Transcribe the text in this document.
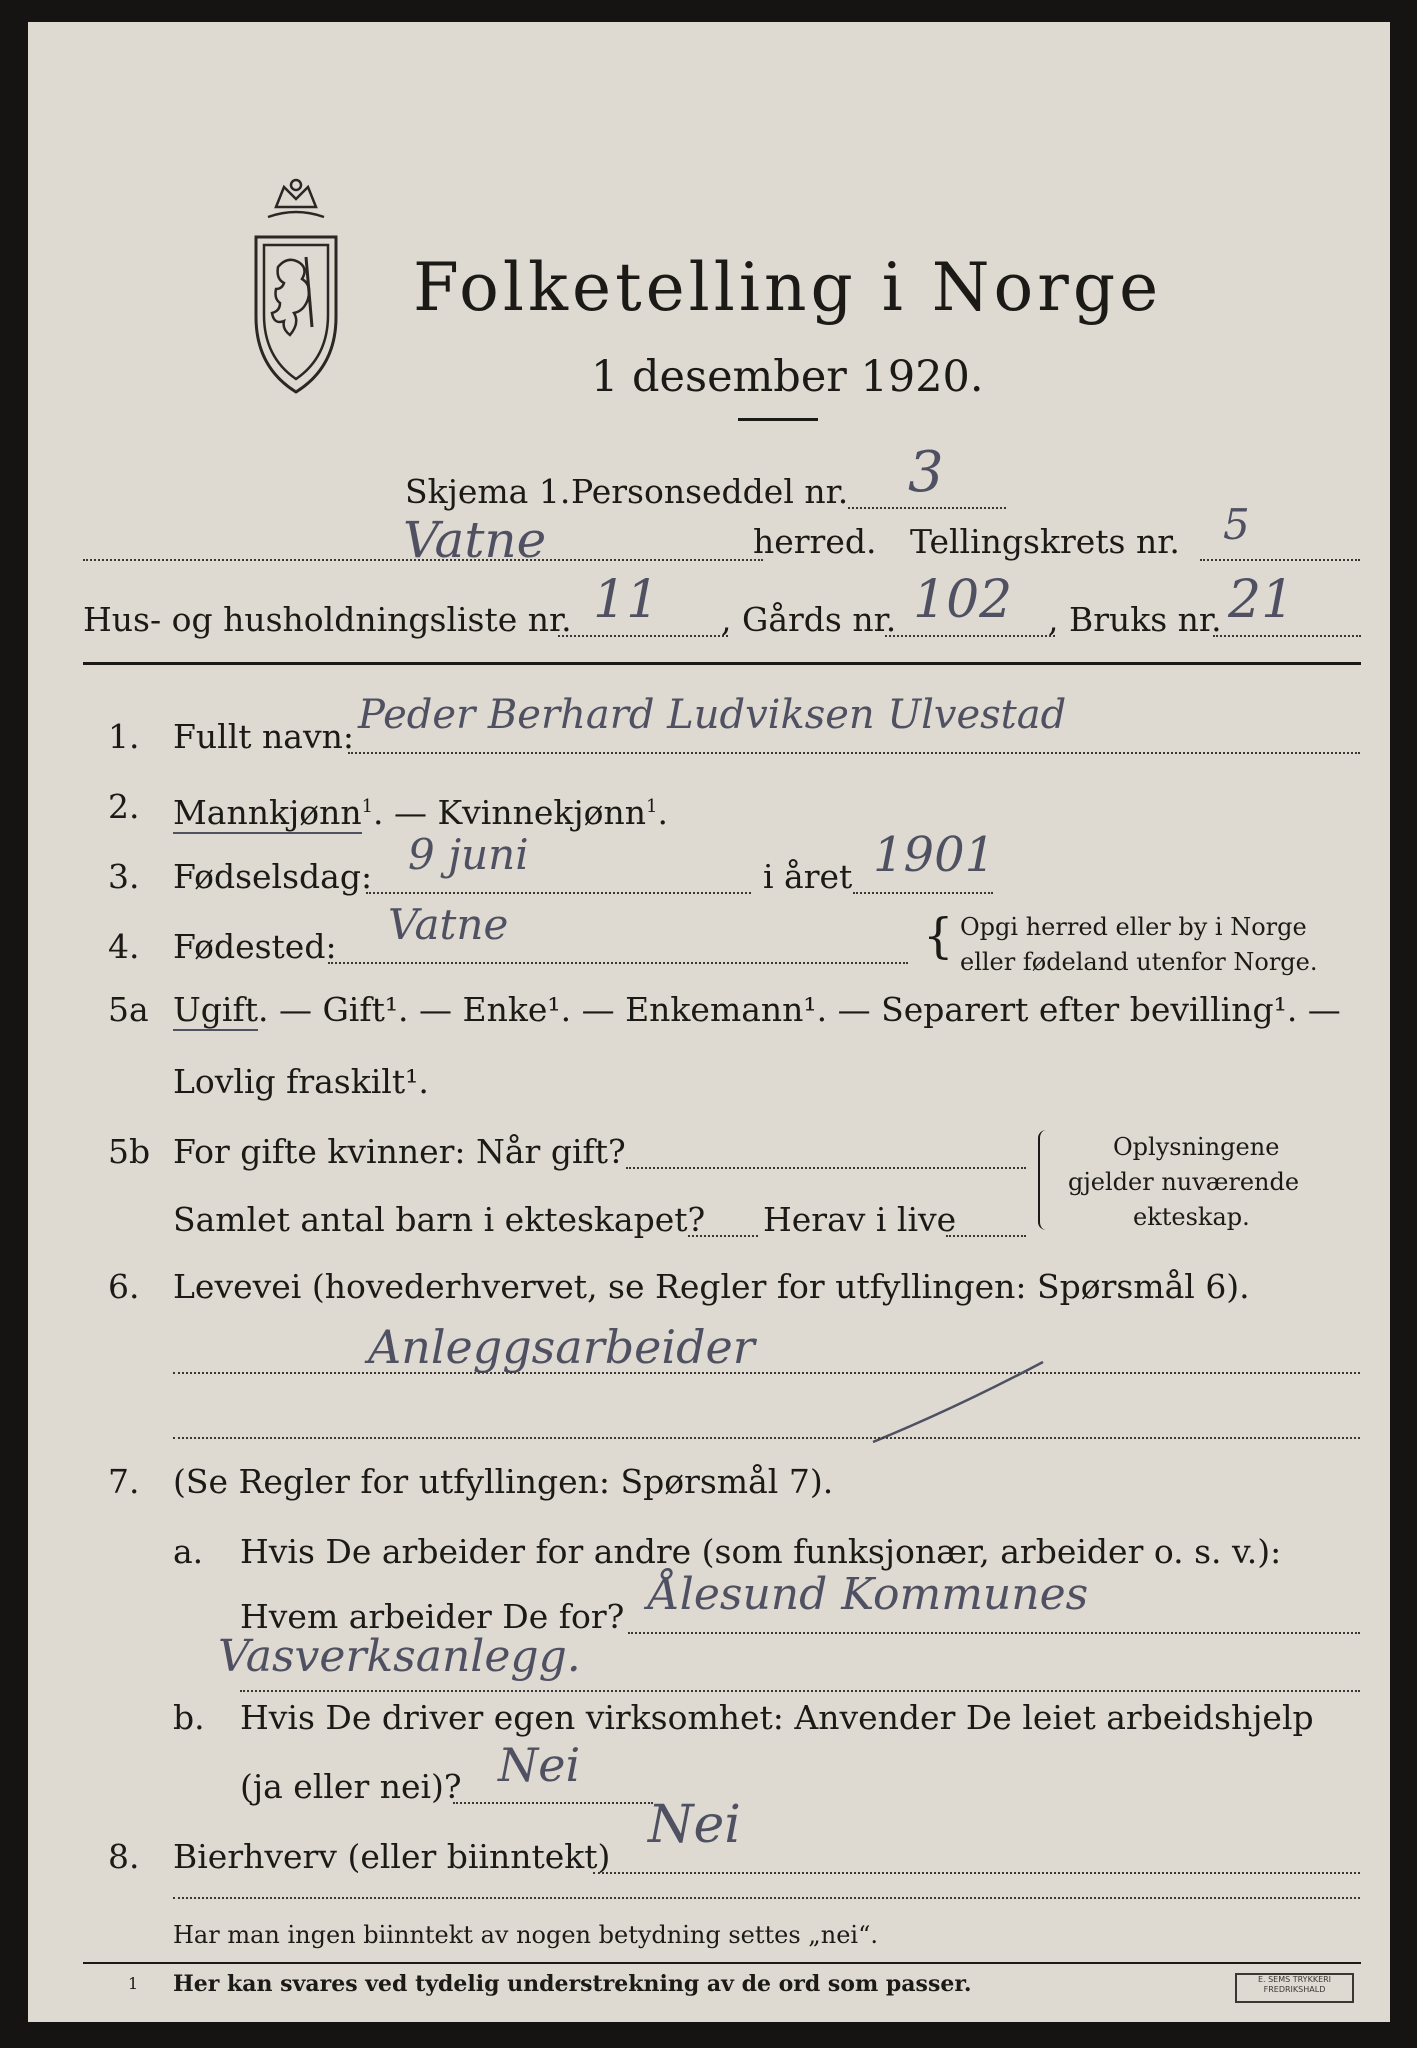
Folketelling i Norge
1 desember 1920.
Skjema 1. Personseddel nr. 3
Vatne	herred. Tellingskrets nr. 5
Hus- og husholdningsliste nr. 11 , Gårds nr. 102 , Bruks nr. 21
1. Fullt navn: Peder Berhard Ludviksen Ulvestad
2. Mannkjønn$^1$. — Kvinnekjønn$^1$.
3. Fødselsdag: 9 juni	i året 1901
4. Fødested: Vatne	{ Opgi herred eller by i Norge
eller fødeland utenfor Norge.
5a Ugift. — Gift¹. — Enke¹. — Enkemann¹. — Separert efter bevilling¹. —
Lovlig fraskilt¹.
5b For gifte kvinner: Når gift?
Samlet antal barn i ekteskapet? Herav i live
Oplysningene
gjelder nuværende
ekteskap.
6. Levevei (hovederhvervet, se Regler for utfyllingen: Spørsmål 6).
Anleggsarbeider
7. (Se Regler for utfyllingen: Spørsmål 7).
a. Hvis De arbeider for andre (som funksjonær, arbeider o. s. v.):
Hvem arbeider De for? Ålesund Kommunes
Vasverksanlegg.
b. Hvis De driver egen virksomhet: Anvender De leiet arbeidshjelp
(ja eller nei)? Nei
8. Bierhverv (eller biinntekt)
Nei
Har man ingen biinntekt av nogen betydning settes „nei“.
1 Her kan svares ved tydelig understrekning av de ord som passer.	E. SEMS TRYKKERI
FREDRIKSHALD
